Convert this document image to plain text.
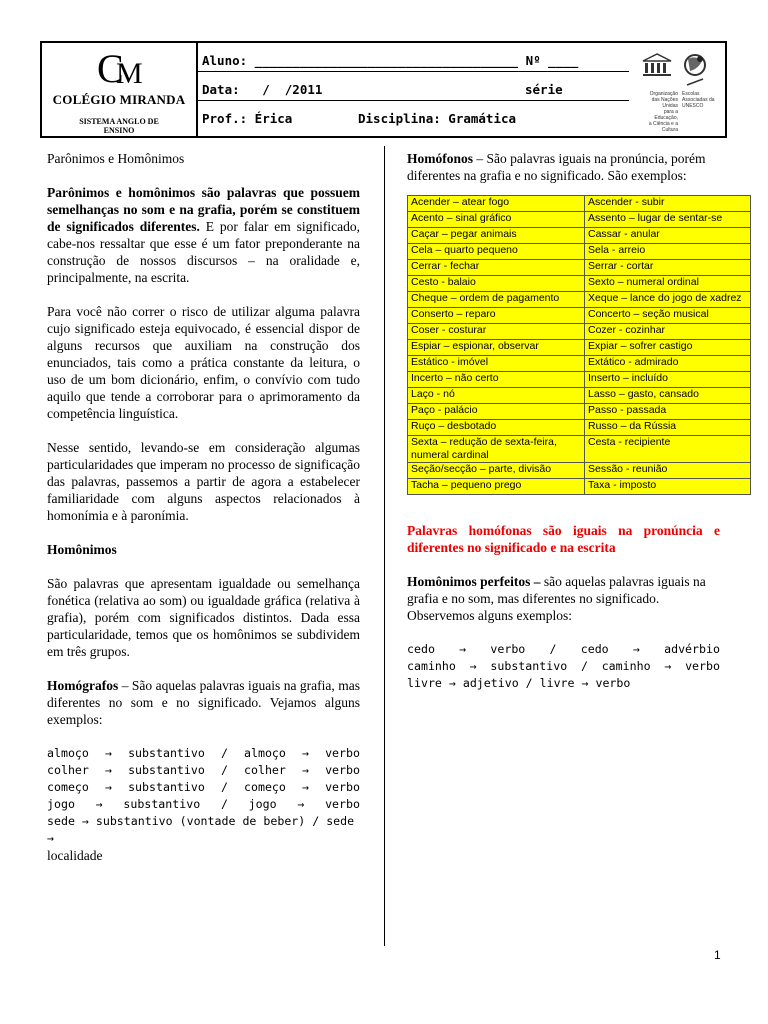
C
M
COLÉGIO MIRANDA
SISTEMA ANGLO DE
ENSINO
Aluno: ___________________________________ Nº ____
Data:   /  /2011	série
Prof.: Érica	Disciplina: Gramática
Organização
das Nações Unidas
para a Educação,
a Ciência e a Cultura
Escolas
Associadas da
UNESCO

Parônimos e Homônimos

Parônimos e homônimos são palavras que possuem semelhanças no som e na grafia, porém se constituem de significados diferentes. E por falar em significado, cabe-nos ressaltar que esse é um fator preponderante na construção de nossos discursos – na oralidade e, principalmente, na escrita.

Para você não correr o risco de utilizar alguma palavra cujo significado esteja equivocado, é essencial dispor de alguns recursos que auxiliam na construção dos enunciados, tais como a prática constante da leitura, o uso de um bom dicionário, enfim, o convívio com tudo aquilo que tende a corroborar para o aprimoramento da competência linguística.

Nesse sentido, levando-se em consideração algumas particularidades que imperam no processo de significação das palavras, passemos a partir de agora a estabelecer familiaridade com alguns aspectos relacionados à homonímia e à paronímia.

Homônimos

São palavras que apresentam igualdade ou semelhança fonética (relativa ao som) ou igualdade gráfica (relativa à grafia), porém com significados distintos. Dada essa particularidade, temos que os homônimos se subdividem em três grupos.

Homógrafos – São aquelas palavras iguais na grafia, mas diferentes no som e no significado. Vejamos alguns exemplos:

almoço → substantivo / almoço → verbo
colher → substantivo / colher → verbo
começo → substantivo / começo → verbo
jogo → substantivo / jogo → verbo
sede → substantivo (vontade de beber) / sede →
localidade

Homófonos – São palavras iguais na pronúncia, porém diferentes na grafia e no significado. São exemplos:

Acender – atear fogo	Ascender - subir
Acento – sinal gráfico	Assento – lugar de sentar-se
Caçar – pegar animais	Cassar - anular
Cela – quarto pequeno	Sela - arreio
Cerrar - fechar	Serrar - cortar
Cesto - balaio	Sexto – numeral ordinal
Cheque – ordem de pagamento	Xeque – lance do jogo de xadrez
Conserto – reparo	Concerto – seção musical
Coser - costurar	Cozer - cozinhar
Espiar – espionar, observar	Expiar – sofrer castigo
Estático - imóvel	Extático - admirado
Incerto – não certo	Inserto – incluído
Laço - nó	Lasso – gasto, cansado
Paço - palácio	Passo - passada
Ruço – desbotado	Russo – da Rússia
Sexta – redução de sexta-feira, numeral cardinal	Cesta - recipiente
Seção/secção – parte, divisão	Sessão - reunião
Tacha – pequeno prego	Taxa - imposto

Palavras homófonas são iguais na pronúncia e diferentes no significado e na escrita

Homônimos perfeitos – são aquelas palavras iguais na grafia e no som, mas diferentes no significado. Observemos alguns exemplos:

cedo → verbo / cedo → advérbio
caminho → substantivo / caminho → verbo
livre → adjetivo / livre → verbo
1
